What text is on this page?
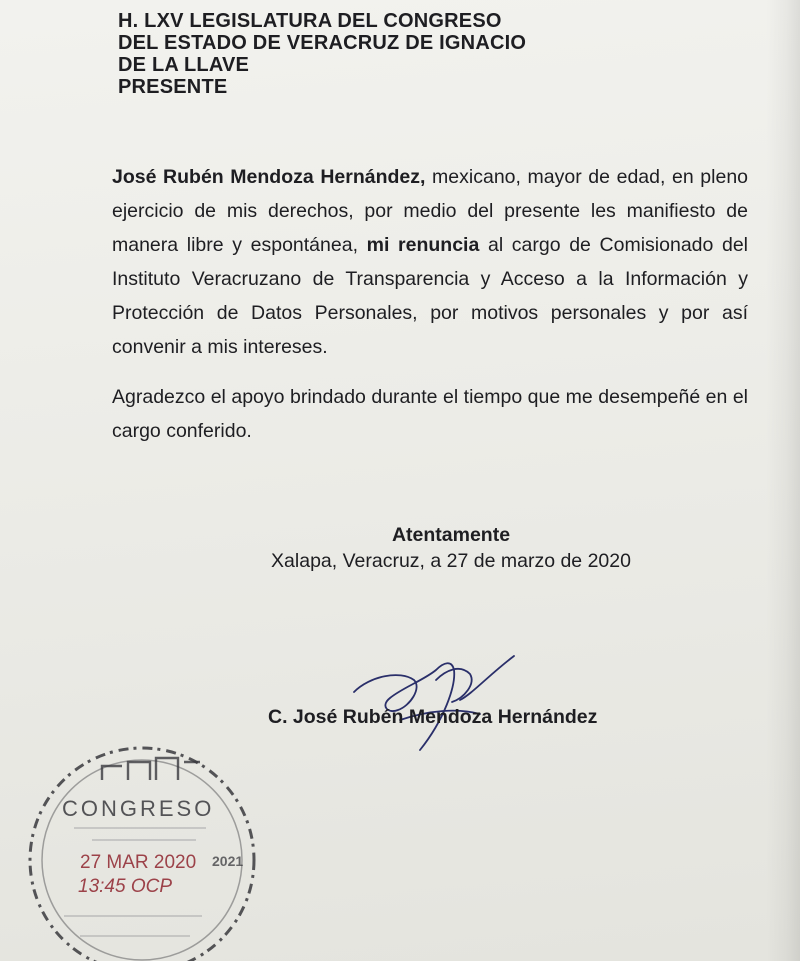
H. LXV LEGISLATURA DEL CONGRESO
DEL ESTADO DE VERACRUZ DE IGNACIO
DE LA LLAVE
PRESENTE

José Rubén Mendoza Hernández, mexicano, mayor de edad, en pleno ejercicio de mis derechos, por medio del presente les manifiesto de manera libre y espontánea, mi renuncia al cargo de Comisionado del Instituto Veracruzano de Transparencia y Acceso a la Información y Protección de Datos Personales, por motivos personales y por así convenir a mis intereses.

Agradezco el apoyo brindado durante el tiempo que me desempeñé en el cargo conferido.

Atentamente
Xalapa, Veracruz, a 27 de marzo de 2020
C. José Rubén Mendoza Hernández
CONGRESO
27 MAR 2020 2021
13:45 OCP
